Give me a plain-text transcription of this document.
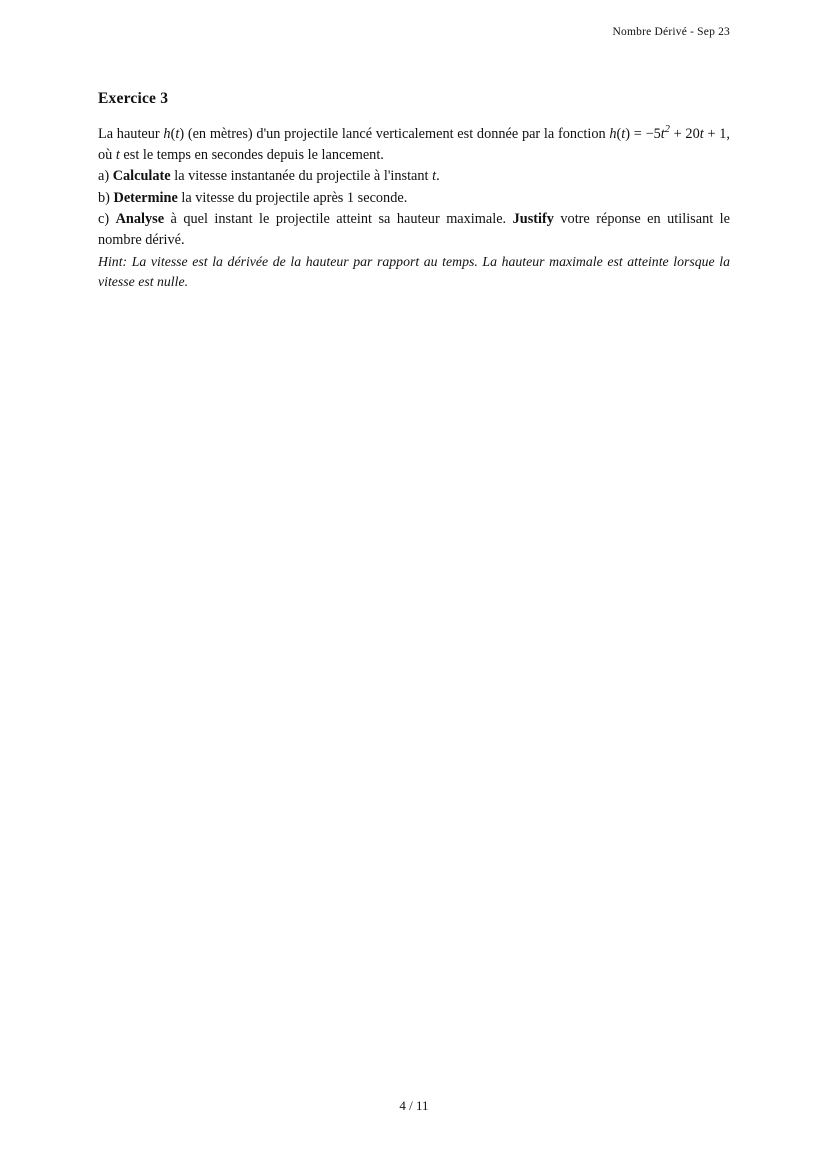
Nombre Dérivé - Sep 23
Exercice 3

La hauteur h(t) (en mètres) d'un projectile lancé verticalement est donnée par la fonction $h(t) = -5t^2 + 20t + 1$, où t est le temps en secondes depuis le lancement.

a) Calculate la vitesse instantanée du projectile à l'instant t.

b) Determine la vitesse du projectile après 1 seconde.

c) Analyse à quel instant le projectile atteint sa hauteur maximale. Justify votre réponse en utilisant le nombre dérivé.

Hint: La vitesse est la dérivée de la hauteur par rapport au temps. La hauteur maximale est atteinte lorsque la vitesse est nulle.

4 / 11
